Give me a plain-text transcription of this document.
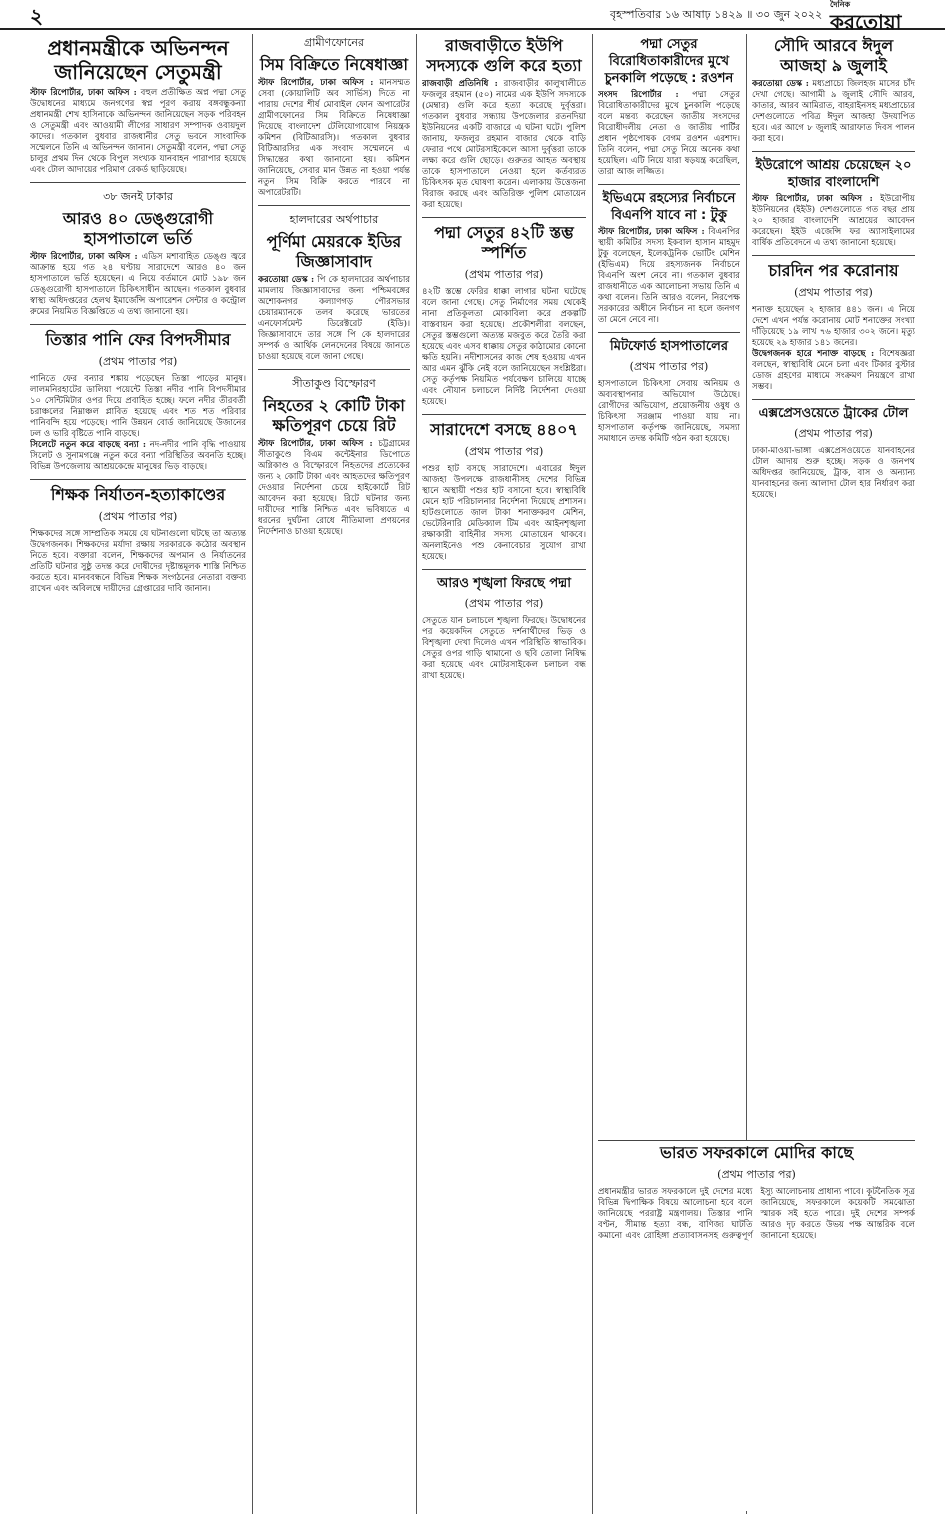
২	বৃহস্পতিবার ১৬ আষাঢ় ১৪২৯ ॥ ৩০ জুন ২০২২
দৈনিক
করতোয়া
প্রধানমন্ত্রীকে অভিনন্দন জানিয়েছেন সেতুমন্ত্রী

স্টাফ রিপোর্টার, ঢাকা অফিস : বহুল প্রতীক্ষিত অপ্ন পদ্মা সেতু উদ্বোধনের মাধ্যমে জনগণের স্বপ্ন পূরণ করায় বঙ্গবন্ধুকন্যা প্রধানমন্ত্রী শেখ হাসিনাকে অভিনন্দন জানিয়েছেন সড়ক পরিবহন ও সেতুমন্ত্রী এবং আওয়ামী লীগের সাধারণ সম্পাদক ওবায়দুল কাদের। গতকাল বুধবার রাজধানীর সেতু ভবনে সাংবাদিক সম্মেলনে তিনি এ অভিনন্দন জানান। সেতুমন্ত্রী বলেন, পদ্মা সেতু চালুর প্রথম দিন থেকে বিপুল সংখ্যক যানবাহন পারাপার হয়েছে এবং টোল আদায়ের পরিমাণ রেকর্ড ছাড়িয়েছে।

৩৮ জনই ঢাকার
আরও ৪০ ডেঙ্গুরোগী হাসপাতালে ভর্তি

স্টাফ রিপোর্টার, ঢাকা অফিস : এডিস মশাবাহিত ডেঙ্গু জ্বরে আক্রান্ত হয়ে গত ২৪ ঘণ্টায় সারাদেশে আরও ৪০ জন হাসপাতালে ভর্তি হয়েছেন। এ নিয়ে বর্তমানে মোট ১৯৮ জন ডেঙ্গুরোগী হাসপাতালে চিকিৎসাধীন আছেন। গতকাল বুধবার স্বাস্থ্য অধিদপ্তরের হেলথ ইমার্জেন্সি অপারেশন সেন্টার ও কন্ট্রোল রুমের নিয়মিত বিজ্ঞপ্তিতে এ তথ্য জানানো হয়।

তিস্তার পানি ফের বিপদসীমার
(প্রথম পাতার পর)

পানিতে ফের বন্যার শঙ্কায় পড়েছেন তিস্তা পাড়ের মানুষ। লালমনিরহাটের ডালিয়া পয়েন্টে তিস্তা নদীর পানি বিপদসীমার ১০ সেন্টিমিটার ওপর দিয়ে প্রবাহিত হচ্ছে। ফলে নদীর তীরবর্তী চরাঞ্চলের নিম্নাঞ্চল প্লাবিত হয়েছে এবং শত শত পরিবার পানিবন্দি হয়ে পড়েছে। পানি উন্নয়ন বোর্ড জানিয়েছে উজানের ঢল ও ভারি বৃষ্টিতে পানি বাড়ছে।

সিলেটে নতুন করে বাড়ছে বন্যা : নদ-নদীর পানি বৃদ্ধি পাওয়ায় সিলেট ও সুনামগঞ্জে নতুন করে বন্যা পরিস্থিতির অবনতি হচ্ছে। বিভিন্ন উপজেলায় আশ্রয়কেন্দ্রে মানুষের ভিড় বাড়ছে।

শিক্ষক নির্যাতন-হত্যাকাণ্ডের
(প্রথম পাতার পর)

শিক্ষকদের সঙ্গে সাম্প্রতিক সময়ে যে ঘটনাগুলো ঘটছে তা অত্যন্ত উদ্বেগজনক। শিক্ষকদের মর্যাদা রক্ষায় সরকারকে কঠোর অবস্থান নিতে হবে। বক্তারা বলেন, শিক্ষকদের অপমান ও নির্যাতনের প্রতিটি ঘটনার সুষ্ঠু তদন্ত করে দোষীদের দৃষ্টান্তমূলক শাস্তি নিশ্চিত করতে হবে। মানববন্ধনে বিভিন্ন শিক্ষক সংগঠনের নেতারা বক্তব্য রাখেন এবং অবিলম্বে দায়ীদের গ্রেপ্তারের দাবি জানান।

গ্রামীণফোনের
সিম বিক্রিতে নিষেধাজ্ঞা

স্টাফ রিপোর্টার, ঢাকা অফিস : মানসম্মত সেবা (কোয়ালিটি অব সার্ভিস) দিতে না পারায় দেশের শীর্ষ মোবাইল ফোন অপারেটর গ্রামীণফোনের সিম বিক্রিতে নিষেধাজ্ঞা দিয়েছে বাংলাদেশ টেলিযোগাযোগ নিয়ন্ত্রক কমিশন (বিটিআরসি)। গতকাল বুধবার বিটিআরসির এক সংবাদ সম্মেলনে এ সিদ্ধান্তের কথা জানানো হয়। কমিশন জানিয়েছে, সেবার মান উন্নত না হওয়া পর্যন্ত নতুন সিম বিক্রি করতে পারবে না অপারেটরটি।

হালদারের অর্থপাচার
পূর্ণিমা মেয়রকে ইডির জিজ্ঞাসাবাদ

করতোয়া ডেস্ক : পি কে হালদারের অর্থপাচার মামলায় জিজ্ঞাসাবাদের জন্য পশ্চিমবঙ্গের অশোকনগর কল্যাণগড় পৌরসভার চেয়ারম্যানকে তলব করেছে ভারতের এনফোর্সমেন্ট ডিরেক্টরেট (ইডি)। জিজ্ঞাসাবাদে তার সঙ্গে পি কে হালদারের সম্পর্ক ও আর্থিক লেনদেনের বিষয়ে জানতে চাওয়া হয়েছে বলে জানা গেছে।

সীতাকুণ্ড বিস্ফোরণ
নিহতের ২ কোটি টাকা ক্ষতিপূরণ চেয়ে রিট

স্টাফ রিপোর্টার, ঢাকা অফিস : চট্টগ্রামের সীতাকুণ্ডে বিএম কন্টেইনার ডিপোতে অগ্নিকাণ্ড ও বিস্ফোরণে নিহতদের প্রত্যেকের জন্য ২ কোটি টাকা এবং আহতদের ক্ষতিপূরণ দেওয়ার নির্দেশনা চেয়ে হাইকোর্টে রিট আবেদন করা হয়েছে। রিটে ঘটনার জন্য দায়ীদের শাস্তি নিশ্চিত এবং ভবিষ্যতে এ ধরনের দুর্ঘটনা রোধে নীতিমালা প্রণয়নের নির্দেশনাও চাওয়া হয়েছে।

রাজবাড়ীতে ইউপি সদস্যকে গুলি করে হত্যা

রাজবাড়ী প্রতিনিধি : রাজবাড়ীর কালুখালীতে ফজলুর রহমান (৫০) নামের এক ইউপি সদস্যকে (মেম্বার) গুলি করে হত্যা করেছে দুর্বৃত্তরা। গতকাল বুধবার সন্ধ্যায় উপজেলার রতনদিয়া ইউনিয়নের একটি বাজারে এ ঘটনা ঘটে। পুলিশ জানায়, ফজলুর রহমান বাজার থেকে বাড়ি ফেরার পথে মোটরসাইকেলে আসা দুর্বৃত্তরা তাকে লক্ষ্য করে গুলি ছোড়ে। গুরুতর আহত অবস্থায় তাকে হাসপাতালে নেওয়া হলে কর্তব্যরত চিকিৎসক মৃত ঘোষণা করেন। এলাকায় উত্তেজনা বিরাজ করছে এবং অতিরিক্ত পুলিশ মোতায়েন করা হয়েছে।

পদ্মা সেতুর ৪২টি স্তম্ভ স্পর্শিত
(প্রথম পাতার পর)

৪২টি স্তম্ভে ফেরির ধাক্কা লাগার ঘটনা ঘটেছে বলে জানা গেছে। সেতু নির্মাণের সময় থেকেই নানা প্রতিকূলতা মোকাবিলা করে প্রকল্পটি বাস্তবায়ন করা হয়েছে। প্রকৌশলীরা বলছেন, সেতুর স্তম্ভগুলো অত্যন্ত মজবুত করে তৈরি করা হয়েছে এবং এসব ধাক্কায় সেতুর কাঠামোর কোনো ক্ষতি হয়নি। নদীশাসনের কাজ শেষ হওয়ায় এখন আর এমন ঝুঁকি নেই বলে জানিয়েছেন সংশ্লিষ্টরা। সেতু কর্তৃপক্ষ নিয়মিত পর্যবেক্ষণ চালিয়ে যাচ্ছে এবং নৌযান চলাচলে নির্দিষ্ট নির্দেশনা দেওয়া হয়েছে।

সারাদেশে বসছে ৪৪০৭
(প্রথম পাতার পর)

পশুর হাট বসছে সারাদেশে। এবারের ঈদুল আজহা উপলক্ষে রাজধানীসহ দেশের বিভিন্ন স্থানে অস্থায়ী পশুর হাট বসানো হবে। স্বাস্থ্যবিধি মেনে হাট পরিচালনার নির্দেশনা দিয়েছে প্রশাসন। হাটগুলোতে জাল টাকা শনাক্তকরণ মেশিন, ভেটেরিনারি মেডিক্যাল টিম এবং আইনশৃঙ্খলা রক্ষাকারী বাহিনীর সদস্য মোতায়েন থাকবে। অনলাইনেও পশু কেনাবেচার সুযোগ রাখা হয়েছে।

আরও শৃঙ্খলা ফিরছে পদ্মা
(প্রথম পাতার পর)

সেতুতে যান চলাচলে শৃঙ্খলা ফিরছে। উদ্বোধনের পর কয়েকদিন সেতুতে দর্শনার্থীদের ভিড় ও বিশৃঙ্খলা দেখা দিলেও এখন পরিস্থিতি স্বাভাবিক। সেতুর ওপর গাড়ি থামানো ও ছবি তোলা নিষিদ্ধ করা হয়েছে এবং মোটরসাইকেল চলাচল বন্ধ রাখা হয়েছে।

পদ্মা সেতুর বিরোধিতাকারীদের মুখে চুনকালি পড়েছে : রওশন

সংসদ রিপোর্টার : পদ্মা সেতুর বিরোধিতাকারীদের মুখে চুনকালি পড়েছে বলে মন্তব্য করেছেন জাতীয় সংসদের বিরোধীদলীয় নেতা ও জাতীয় পার্টির প্রধান পৃষ্ঠপোষক বেগম রওশন এরশাদ। তিনি বলেন, পদ্মা সেতু নিয়ে অনেক কথা হয়েছিল। এটি নিয়ে যারা ষড়যন্ত্র করেছিল, তারা আজ লজ্জিত।

ইভিএমে রহস্যের নির্বাচনে বিএনপি যাবে না : টুকু

স্টাফ রিপোর্টার, ঢাকা অফিস : বিএনপির স্থায়ী কমিটির সদস্য ইকবাল হাসান মাহমুদ টুকু বলেছেন, ইলেকট্রনিক ভোটিং মেশিন (ইভিএম) দিয়ে রহস্যজনক নির্বাচনে বিএনপি অংশ নেবে না। গতকাল বুধবার রাজধানীতে এক আলোচনা সভায় তিনি এ কথা বলেন। তিনি আরও বলেন, নিরপেক্ষ সরকারের অধীনে নির্বাচন না হলে জনগণ তা মেনে নেবে না।

মিটফোর্ড হাসপাতালের
(প্রথম পাতার পর)

হাসপাতালে চিকিৎসা সেবায় অনিয়ম ও অব্যবস্থাপনার অভিযোগ উঠেছে। রোগীদের অভিযোগ, প্রয়োজনীয় ওষুধ ও চিকিৎসা সরঞ্জাম পাওয়া যায় না। হাসপাতাল কর্তৃপক্ষ জানিয়েছে, সমস্যা সমাধানে তদন্ত কমিটি গঠন করা হয়েছে।

সৌদি আরবে ঈদুল আজহা ৯ জুলাই

করতোয়া ডেস্ক : মধ্যপ্রাচ্যে জিলহজ মাসের চাঁদ দেখা গেছে। আগামী ৯ জুলাই সৌদি আরব, কাতার, আরব আমিরাত, বাহরাইনসহ মধ্যপ্রাচ্যের দেশগুলোতে পবিত্র ঈদুল আজহা উদযাপিত হবে। এর আগে ৮ জুলাই আরাফাত দিবস পালন করা হবে।

ইউরোপে আশ্রয় চেয়েছেন ২০ হাজার বাংলাদেশি

স্টাফ রিপোর্টার, ঢাকা অফিস : ইউরোপীয় ইউনিয়নের (ইইউ) দেশগুলোতে গত বছর প্রায় ২০ হাজার বাংলাদেশি আশ্রয়ের আবেদন করেছেন। ইইউ এজেন্সি ফর অ্যাসাইলামের বার্ষিক প্রতিবেদনে এ তথ্য জানানো হয়েছে।

চারদিন পর করোনায়
(প্রথম পাতার পর)

শনাক্ত হয়েছেন ২ হাজার ৪৪১ জন। এ নিয়ে দেশে এখন পর্যন্ত করোনায় মোট শনাক্তের সংখ্যা দাঁড়িয়েছে ১৯ লাখ ৭৬ হাজার ৩০২ জনে। মৃত্যু হয়েছে ২৯ হাজার ১৪১ জনের।

উদ্বেগজনক হারে শনাক্ত বাড়ছে : বিশেষজ্ঞরা বলছেন, স্বাস্থ্যবিধি মেনে চলা এবং টিকার বুস্টার ডোজ গ্রহণের মাধ্যমে সংক্রমণ নিয়ন্ত্রণে রাখা সম্ভব।

এক্সপ্রেসওয়েতে ট্রাকের টোল
(প্রথম পাতার পর)

ঢাকা-মাওয়া-ভাঙ্গা এক্সপ্রেসওয়েতে যানবাহনের টোল আদায় শুরু হচ্ছে। সড়ক ও জনপথ অধিদপ্তর জানিয়েছে, ট্রাক, বাস ও অন্যান্য যানবাহনের জন্য আলাদা টোল হার নির্ধারণ করা হয়েছে।

ভারত সফরকালে মোদির কাছে
(প্রথম পাতার পর)

প্রধানমন্ত্রীর ভারত সফরকালে দুই দেশের মধ্যে বিভিন্ন দ্বিপাক্ষিক বিষয়ে আলোচনা হবে বলে জানিয়েছে পররাষ্ট্র মন্ত্রণালয়। তিস্তার পানি বণ্টন, সীমান্ত হত্যা বন্ধ, বাণিজ্য ঘাটতি কমানো এবং রোহিঙ্গা প্রত্যাবাসনসহ গুরুত্বপূর্ণ ইস্যু আলোচনায় প্রাধান্য পাবে। কূটনৈতিক সূত্র জানিয়েছে, সফরকালে কয়েকটি সমঝোতা স্মারক সই হতে পারে। দুই দেশের সম্পর্ক আরও দৃঢ় করতে উভয় পক্ষ আন্তরিক বলে জানানো হয়েছে।
